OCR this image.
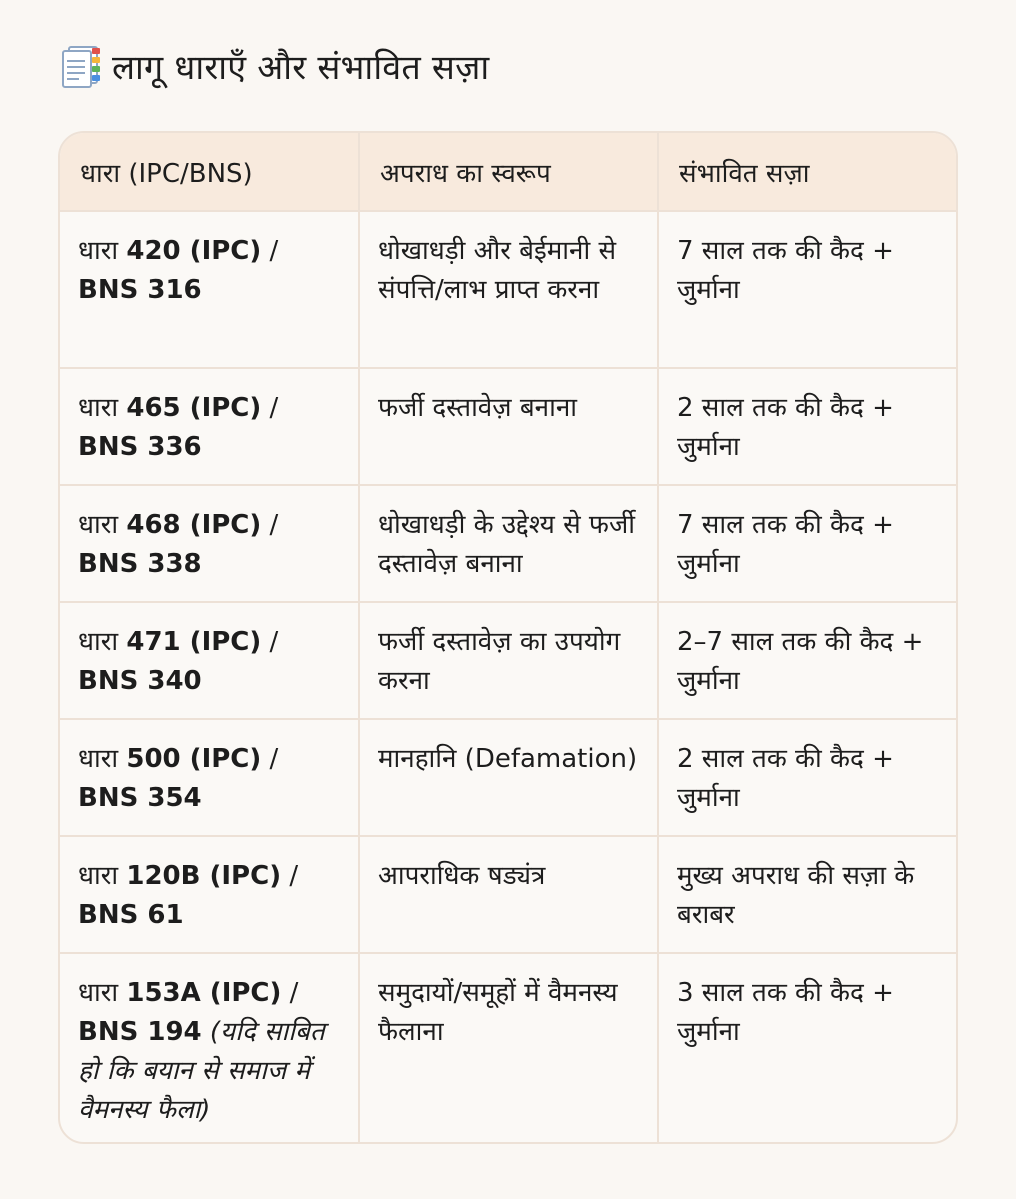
लागू धाराएँ और संभावित सज़ा
धारा (IPC/BNS)	अपराध का स्वरूप	संभावित सज़ा
धारा 420 (IPC) / BNS 316	धोखाधड़ी और बेईमानी से संपत्ति/लाभ प्राप्त करना	7 साल तक की कैद + जुर्माना
धारा 465 (IPC) / BNS 336	फर्जी दस्तावेज़ बनाना	2 साल तक की कैद + जुर्माना
धारा 468 (IPC) / BNS 338	धोखाधड़ी के उद्देश्य से फर्जी दस्तावेज़ बनाना	7 साल तक की कैद + जुर्माना
धारा 471 (IPC) / BNS 340	फर्जी दस्तावेज़ का उपयोग करना	2–7 साल तक की कैद + जुर्माना
धारा 500 (IPC) / BNS 354	मानहानि (Defamation)	2 साल तक की कैद + जुर्माना
धारा 120B (IPC) / BNS 61	आपराधिक षड्यंत्र	मुख्य अपराध की सज़ा के बराबर
धारा 153A (IPC) / BNS 194 (यदि साबित हो कि बयान से समाज में वैमनस्य फैला)	समुदायों/समूहों में वैमनस्य फैलाना	3 साल तक की कैद + जुर्माना
